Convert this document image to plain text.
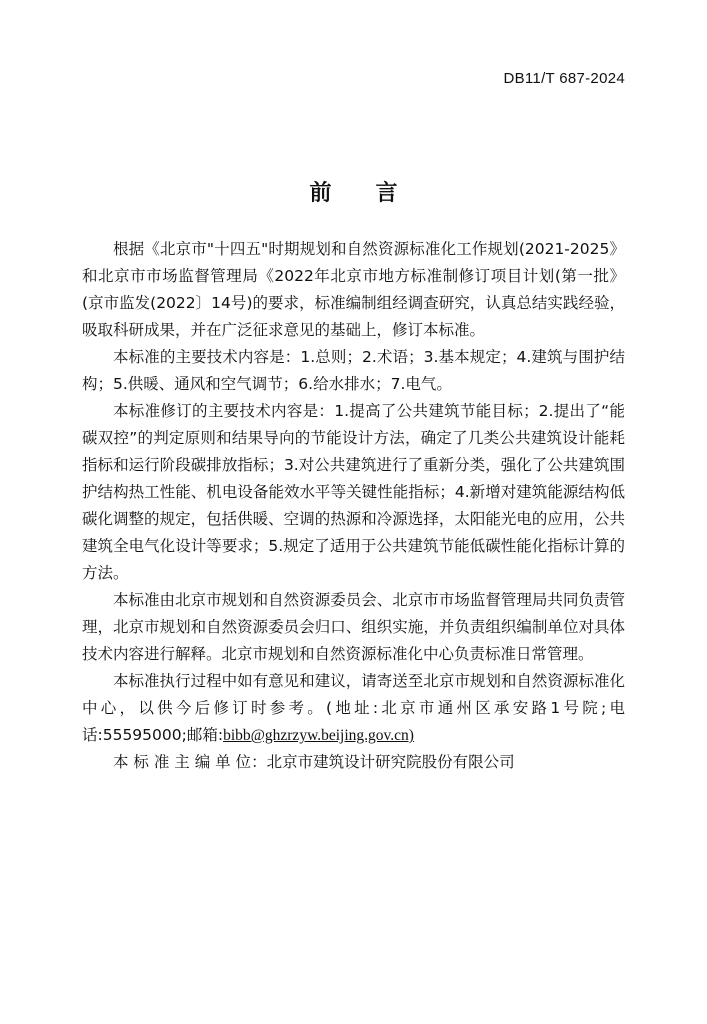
DB11/T 687-2024
前 言

根据《北京市"十四五"时期规划和自然资源标准化工作规划(2021-2025》和北京市市场监督管理局《2022年北京市地方标准制修订项目计划(第一批》(京市监发(2022〕14号)的要求，标准编制组经调查研究，认真总结实践经验，吸取科研成果，并在广泛征求意见的基础上，修订本标准。

本标准的主要技术内容是：1.总则；2.术语；3.基本规定；4.建筑与围护结构；5.供暖、通风和空气调节；6.给水排水；7.电气。

本标准修订的主要技术内容是：1.提高了公共建筑节能目标；2.提出了“能碳双控”的判定原则和结果导向的节能设计方法，确定了几类公共建筑设计能耗指标和运行阶段碳排放指标；3.对公共建筑进行了重新分类，强化了公共建筑围护结构热工性能、机电设备能效水平等关键性能指标；4.新增对建筑能源结构低碳化调整的规定，包括供暖、空调的热源和冷源选择，太阳能光电的应用，公共建筑全电气化设计等要求；5.规定了适用于公共建筑节能低碳性能化指标计算的方法。

本标准由北京市规划和自然资源委员会、北京市市场监督管理局共同负责管理，北京市规划和自然资源委员会归口、组织实施，并负责组织编制单位对具体技术内容进行解释。北京市规划和自然资源标准化中心负责标准日常管理。

本标准执行过程中如有意见和建议，请寄送至北京市规划和自然资源标准化中心，以供今后修订时参考。(地址:北京市通州区承安路1号院;电话:55595000;邮箱:bibb@ghzrzyw.beijing.gov.cn)

本 标 准 主 编 单 位：北京市建筑设计研究院股份有限公司
